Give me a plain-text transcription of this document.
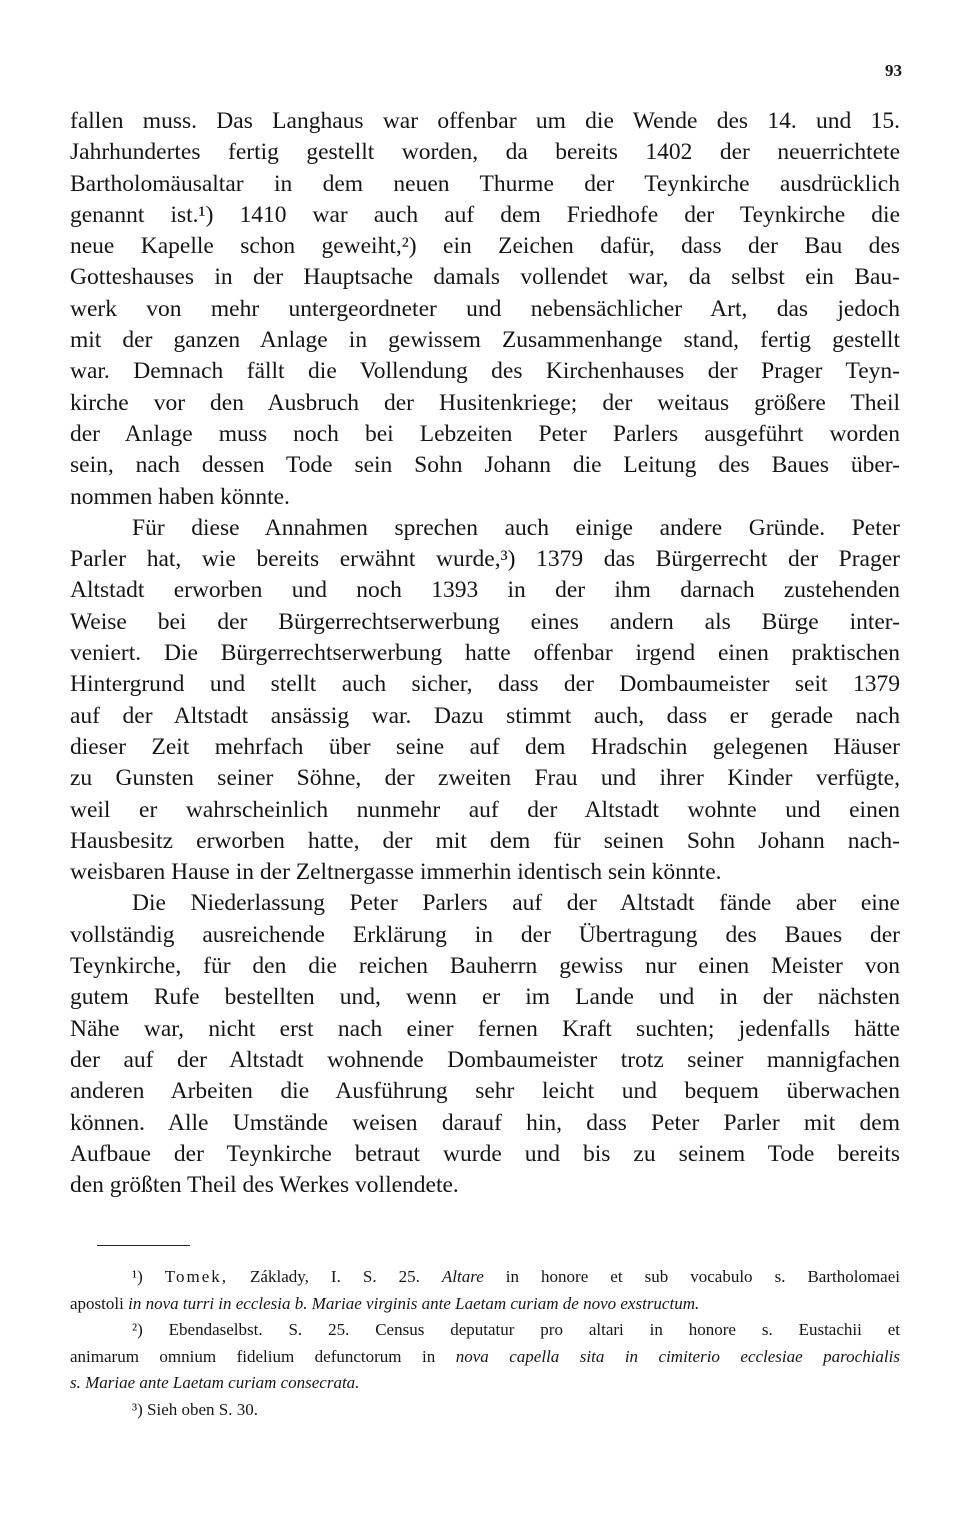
93
fallen muss. Das Langhaus war offenbar um die Wende des 14. und 15.
Jahrhundertes fertig gestellt worden, da bereits 1402 der neuerrichtete
Bartholomäusaltar in dem neuen Thurme der Teynkirche ausdrücklich
genannt ist.¹) 1410 war auch auf dem Friedhofe der Teynkirche die
neue Kapelle schon geweiht,²) ein Zeichen dafür, dass der Bau des
Gotteshauses in der Hauptsache damals vollendet war, da selbst ein Bau-
werk von mehr untergeordneter und nebensächlicher Art, das jedoch
mit der ganzen Anlage in gewissem Zusammenhange stand, fertig gestellt
war. Demnach fällt die Vollendung des Kirchenhauses der Prager Teyn-
kirche vor den Ausbruch der Husitenkriege; der weitaus größere Theil
der Anlage muss noch bei Lebzeiten Peter Parlers ausgeführt worden
sein, nach dessen Tode sein Sohn Johann die Leitung des Baues über-
nommen haben könnte.
Für diese Annahmen sprechen auch einige andere Gründe. Peter
Parler hat, wie bereits erwähnt wurde,³) 1379 das Bürgerrecht der Prager
Altstadt erworben und noch 1393 in der ihm darnach zustehenden
Weise bei der Bürgerrechtserwerbung eines andern als Bürge inter-
veniert. Die Bürgerrechtserwerbung hatte offenbar irgend einen praktischen
Hintergrund und stellt auch sicher, dass der Dombaumeister seit 1379
auf der Altstadt ansässig war. Dazu stimmt auch, dass er gerade nach
dieser Zeit mehrfach über seine auf dem Hradschin gelegenen Häuser
zu Gunsten seiner Söhne, der zweiten Frau und ihrer Kinder verfügte,
weil er wahrscheinlich nunmehr auf der Altstadt wohnte und einen
Hausbesitz erworben hatte, der mit dem für seinen Sohn Johann nach-
weisbaren Hause in der Zeltnergasse immerhin identisch sein könnte.
Die Niederlassung Peter Parlers auf der Altstadt fände aber eine
vollständig ausreichende Erklärung in der Übertragung des Baues der
Teynkirche, für den die reichen Bauherrn gewiss nur einen Meister von
gutem Rufe bestellten und, wenn er im Lande und in der nächsten
Nähe war, nicht erst nach einer fernen Kraft suchten; jedenfalls hätte
der auf der Altstadt wohnende Dombaumeister trotz seiner mannigfachen
anderen Arbeiten die Ausführung sehr leicht und bequem überwachen
können. Alle Umstände weisen darauf hin, dass Peter Parler mit dem
Aufbaue der Teynkirche betraut wurde und bis zu seinem Tode bereits
den größten Theil des Werkes vollendete.
¹) Tomek, Základy, I. S. 25. Altare in honore et sub vocabulo s. Bartholomaei
apostoli in nova turri in ecclesia b. Mariae virginis ante Laetam curiam de novo exstructum.
²) Ebendaselbst. S. 25. Census deputatur pro altari in honore s. Eustachii et
animarum omnium fidelium defunctorum in nova capella sita in cimiterio ecclesiae parochialis
s. Mariae ante Laetam curiam consecrata.
³) Sieh oben S. 30.
